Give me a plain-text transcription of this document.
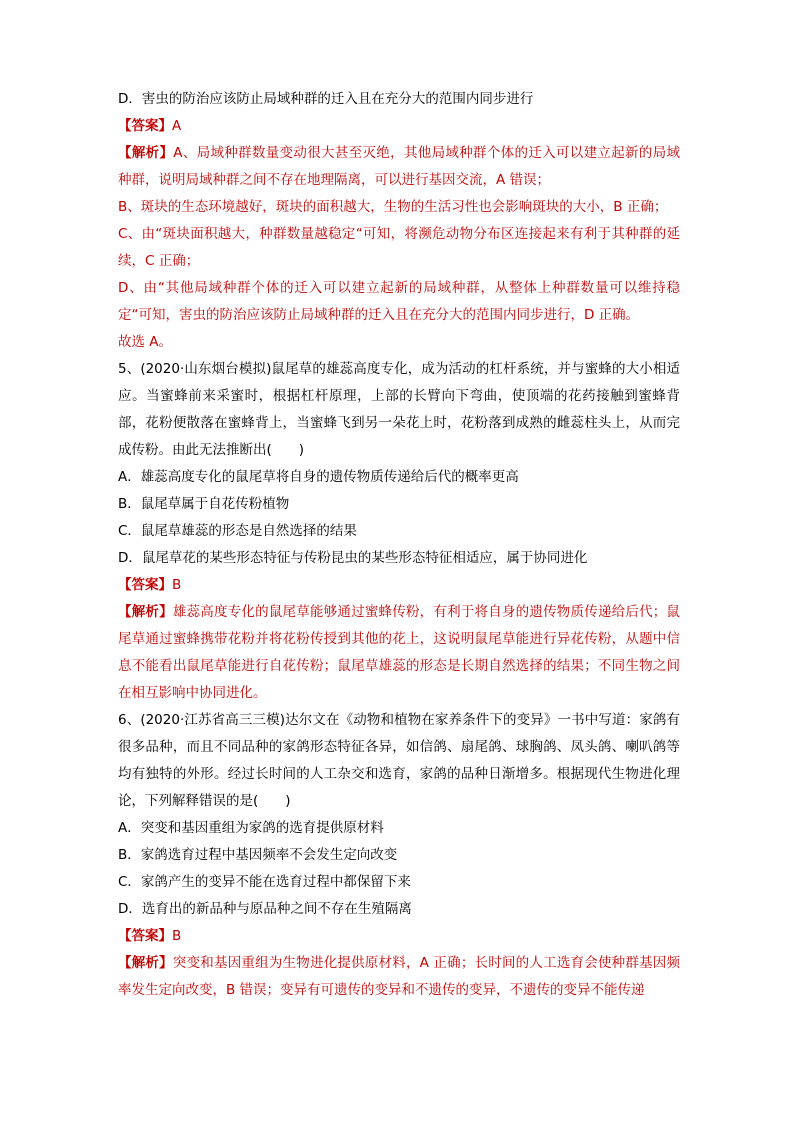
D．害虫的防治应该防止局域种群的迁入且在充分大的范围内同步进行

【答案】A

【解析】A、局域种群数量变动很大甚至灭绝，其他局域种群个体的迁入可以建立起新的局域种群，说明局域种群之间不存在地理隔离，可以进行基因交流，A 错误；

B、斑块的生态环境越好，斑块的面积越大，生物的生活习性也会影响斑块的大小，B 正确；

C、由“斑块面积越大，种群数量越稳定“可知，将濒危动物分布区连接起来有利于其种群的延续，C 正确；

D、由“其他局域种群个体的迁入可以建立起新的局域种群，从整体上种群数量可以维持稳定“可知，害虫的防治应该防止局域种群的迁入且在充分大的范围内同步进行，D 正确。

故选 A。

5、(2020·山东烟台模拟)鼠尾草的雄蕊高度专化，成为活动的杠杆系统，并与蜜蜂的大小相适应。当蜜蜂前来采蜜时，根据杠杆原理，上部的长臂向下弯曲，使顶端的花药接触到蜜蜂背部，花粉便散落在蜜蜂背上，当蜜蜂飞到另一朵花上时，花粉落到成熟的雌蕊柱头上，从而完成传粉。由此无法推断出(　　)

A．雄蕊高度专化的鼠尾草将自身的遗传物质传递给后代的概率更高

B．鼠尾草属于自花传粉植物

C．鼠尾草雄蕊的形态是自然选择的结果

D．鼠尾草花的某些形态特征与传粉昆虫的某些形态特征相适应，属于协同进化

【答案】B

【解析】雄蕊高度专化的鼠尾草能够通过蜜蜂传粉，有利于将自身的遗传物质传递给后代；鼠尾草通过蜜蜂携带花粉并将花粉传授到其他的花上，这说明鼠尾草能进行异花传粉，从题中信息不能看出鼠尾草能进行自花传粉；鼠尾草雄蕊的形态是长期自然选择的结果；不同生物之间在相互影响中协同进化。

6、(2020·江苏省高三三模)达尔文在《动物和植物在家养条件下的变异》一书中写道：家鸽有很多品种，而且不同品种的家鸽形态特征各异，如信鸽、扇尾鸽、球胸鸽、凤头鸽、喇叭鸽等均有独特的外形。经过长时间的人工杂交和选育，家鸽的品种日渐增多。根据现代生物进化理论，下列解释错误的是(　　)

A．突变和基因重组为家鸽的选育提供原材料

B．家鸽选育过程中基因频率不会发生定向改变

C．家鸽产生的变异不能在选育过程中都保留下来

D．选育出的新品种与原品种之间不存在生殖隔离

【答案】B

【解析】突变和基因重组为生物进化提供原材料，A 正确；长时间的人工选育会使种群基因频率发生定向改变，B 错误；变异有可遗传的变异和不遗传的变异，不遗传的变异不能传递
